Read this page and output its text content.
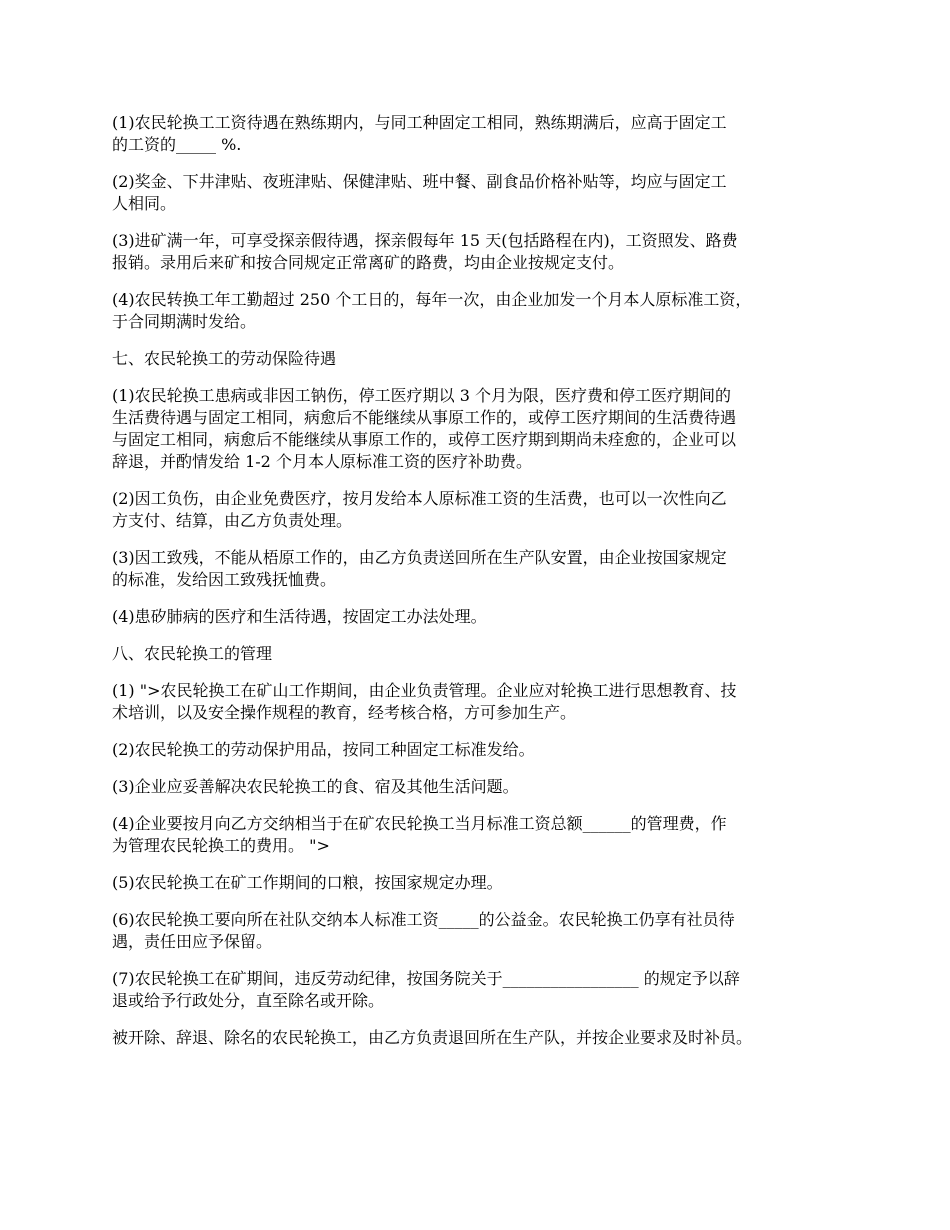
(1)农民轮换工工资待遇在熟练期内，与同工种固定工相同，熟练期满后，应高于固定工
的工资的_____ %.

(2)奖金、下井津贴、夜班津贴、保健津贴、班中餐、副食品价格补贴等，均应与固定工
人相同。

(3)进矿满一年，可享受探亲假待遇，探亲假每年 15 天(包括路程在内)，工资照发、路费
报销。录用后来矿和按合同规定正常离矿的路费，均由企业按规定支付。

(4)农民转换工年工勤超过 250 个工日的，每年一次，由企业加发一个月本人原标准工资，
于合同期满时发给。

七、农民轮换工的劳动保险待遇

(1)农民轮换工患病或非因工钠伤，停工医疗期以 3 个月为限，医疗费和停工医疗期间的
生活费待遇与固定工相同，病愈后不能继续从事原工作的，或停工医疗期间的生活费待遇
与固定工相同，病愈后不能继续从事原工作的，或停工医疗期到期尚未痊愈的，企业可以
辞退，并酌情发给 1-2 个月本人原标准工资的医疗补助费。

(2)因工负伤，由企业免费医疗，按月发给本人原标准工资的生活费，也可以一次性向乙
方支付、结算，由乙方负责处理。

(3)因工致残，不能从梧原工作的，由乙方负责送回所在生产队安置，由企业按国家规定
的标准，发给因工致残抚恤费。

(4)患矽肺病的医疗和生活待遇，按固定工办法处理。

八、农民轮换工的管理

(1) ">农民轮换工在矿山工作期间，由企业负责管理。企业应对轮换工进行思想教育、技
术培训，以及安全操作规程的教育，经考核合格，方可参加生产。

(2)农民轮换工的劳动保护用品，按同工种固定工标准发给。

(3)企业应妥善解决农民轮换工的食、宿及其他生活问题。

(4)企业要按月向乙方交纳相当于在矿农民轮换工当月标准工资总额______的管理费，作
为管理农民轮换工的费用。 ">

(5)农民轮换工在矿工作期间的口粮，按国家规定办理。

(6)农民轮换工要向所在社队交纳本人标准工资_____的公益金。农民轮换工仍享有社员待
遇，责任田应予保留。

(7)农民轮换工在矿期间，违反劳动纪律，按国务院关于_________________ 的规定予以辞
退或给予行政处分，直至除名或开除。

被开除、辞退、除名的农民轮换工，由乙方负责退回所在生产队，并按企业要求及时补员。
